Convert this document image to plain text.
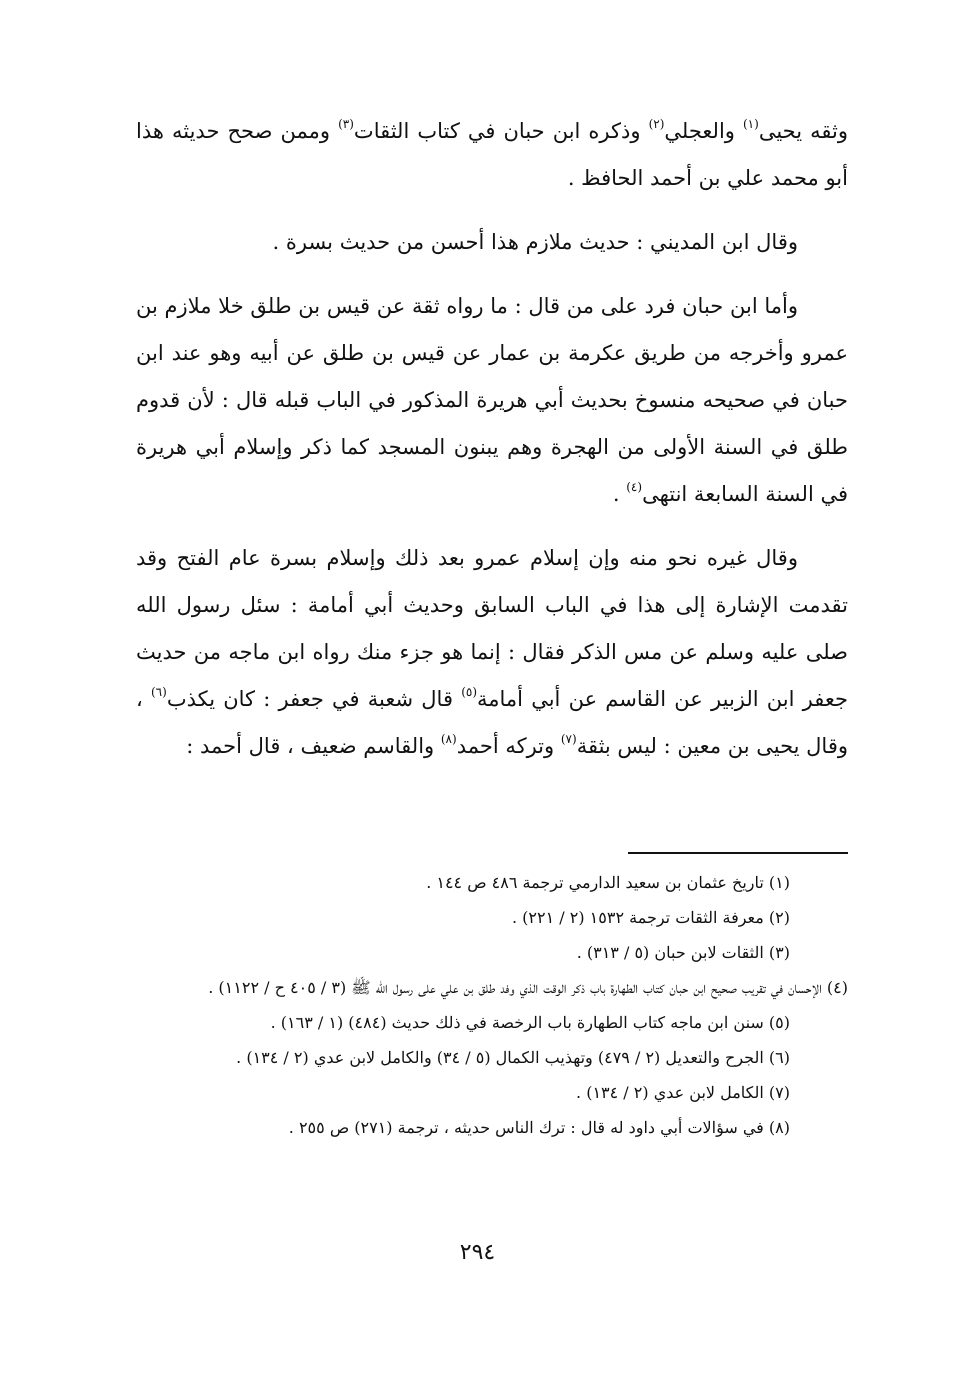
وثقه يحيى$^{(١)}$ والعجلي$^{(٢)}$ وذكره ابن حبان في كتاب الثقات$^{(٣)}$ وممن صحح حديثه هذا أبو محمد علي بن أحمد الحافظ .

وقال ابن المديني : حديث ملازم هذا أحسن من حديث بسرة .

وأما ابن حبان فرد على من قال : ما رواه ثقة عن قيس بن طلق خلا ملازم بن عمرو وأخرجه من طريق عكرمة بن عمار عن قيس بن طلق عن أبيه وهو عند ابن حبان في صحيحه منسوخ بحديث أبي هريرة المذكور في الباب قبله قال : لأن قدوم طلق في السنة الأولى من الهجرة وهم يبنون المسجد كما ذكر وإسلام أبي هريرة في السنة السابعة انتهى$^{(٤)}$ .

وقال غيره نحو منه وإن إسلام عمرو بعد ذلك وإسلام بسرة عام الفتح وقد تقدمت الإشارة إلى هذا في الباب السابق وحديث أبي أمامة : سئل رسول الله صلى عليه وسلم عن مس الذكر فقال : إنما هو جزء منك رواه ابن ماجه من حديث جعفر ابن الزبير عن القاسم عن أبي أمامة$^{(٥)}$ قال شعبة في جعفر : كان يكذب$^{(٦)}$ ، وقال يحيى بن معين : ليس بثقة$^{(٧)}$ وتركه أحمد$^{(٨)}$ والقاسم ضعيف ، قال أحمد :

(١) تاريخ عثمان بن سعيد الدارمي ترجمة ٤٨٦ ص ١٤٤ .
(٢) معرفة الثقات ترجمة ١٥٣٢ (٢ / ٢٢١) .
(٣) الثقات لابن حبان (٥ / ٣١٣) .
(٤) الإحسان في تقريب صحيح ابن حبان كتاب الطهارة باب ذكر الوقت الذي وفد طلق بن علي على رسول الله ﷺ (٣ / ٤٠٥ ح / ١١٢٢) .
(٥) سنن ابن ماجه كتاب الطهارة باب الرخصة في ذلك حديث (٤٨٤) (١ / ١٦٣) .
(٦) الجرح والتعديل (٢ / ٤٧٩) وتهذيب الكمال (٥ / ٣٤) والكامل لابن عدي (٢ / ١٣٤) .
(٧) الكامل لابن عدي (٢ / ١٣٤) .
(٨) في سؤالات أبي داود له قال : ترك الناس حديثه ، ترجمة (٢٧١) ص ٢٥٥ .
٢٩٤
